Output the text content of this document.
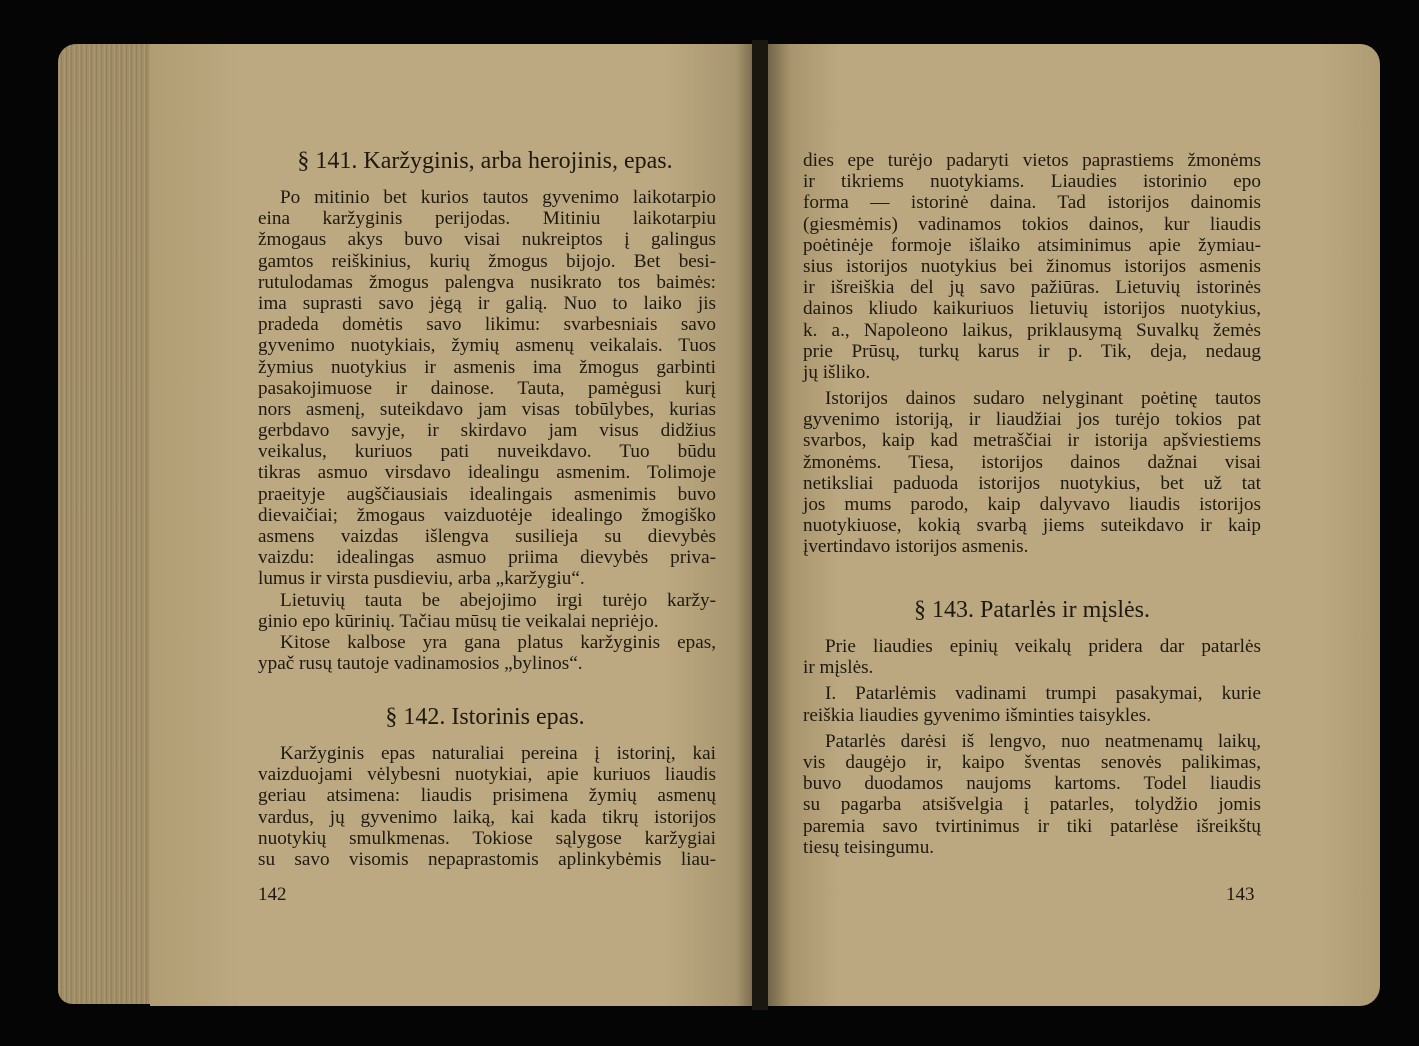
§ 141. Karžyginis, arba herojinis, epas.
Po mitinio bet kurios tautos gyvenimo laikotarpio
eina karžyginis perijodas. Mitiniu laikotarpiu
žmogaus akys buvo visai nukreiptos į galingus
gamtos reiškinius, kurių žmogus bijojo. Bet besi-
rutulodamas žmogus palengva nusikrato tos baimės:
ima suprasti savo jėgą ir galią. Nuo to laiko jis
pradeda domėtis savo likimu: svarbesniais savo
gyvenimo nuotykiais, žymių asmenų veikalais. Tuos
žymius nuotykius ir asmenis ima žmogus garbinti
pasakojimuose ir dainose. Tauta, pamėgusi kurį
nors asmenį, suteikdavo jam visas tobūlybes, kurias
gerbdavo savyje, ir skirdavo jam visus didžius
veikalus, kuriuos pati nuveikdavo. Tuo būdu
tikras asmuo virsdavo idealingu asmenim. Tolimoje
praeityje augščiausiais idealingais asmenimis buvo
dievaičiai; žmogaus vaizduotėje idealingo žmogiško
asmens vaizdas išlengva susilieja su dievybės
vaizdu: idealingas asmuo priima dievybės priva-
lumus ir virsta pusdieviu, arba „karžygiu“.
Lietuvių tauta be abejojimo irgi turėjo karžy-
ginio epo kūrinių. Tačiau mūsų tie veikalai nepriėjo.
Kitose kalbose yra gana platus karžyginis epas,
ypač rusų tautoje vadinamosios „bylinos“.
§ 142. Istorinis epas.
Karžyginis epas naturaliai pereina į istorinį, kai
vaizduojami vėlybesni nuotykiai, apie kuriuos liaudis
geriau atsimena: liaudis prisimena žymių asmenų
vardus, jų gyvenimo laiką, kai kada tikrų istorijos
nuotykių smulkmenas. Tokiose sąlygose karžygiai
su savo visomis nepaprastomis aplinkybėmis liau-
142
dies epe turėjo padaryti vietos paprastiems žmonėms
ir tikriems nuotykiams. Liaudies istorinio epo
forma — istorinė daina. Tad istorijos dainomis
(giesmėmis) vadinamos tokios dainos, kur liaudis
poėtinėje formoje išlaiko atsiminimus apie žymiau-
sius istorijos nuotykius bei žinomus istorijos asmenis
ir išreiškia del jų savo pažiūras. Lietuvių istorinės
dainos kliudo kaikuriuos lietuvių istorijos nuotykius,
k. a., Napoleono laikus, priklausymą Suvalkų žemės
prie Prūsų, turkų karus ir p. Tik, deja, nedaug
jų išliko.
Istorijos dainos sudaro nelyginant poėtinę tautos
gyvenimo istoriją, ir liaudžiai jos turėjo tokios pat
svarbos, kaip kad metraščiai ir istorija apšviestiems
žmonėms. Tiesa, istorijos dainos dažnai visai
netiksliai paduoda istorijos nuotykius, bet už tat
jos mums parodo, kaip dalyvavo liaudis istorijos
nuotykiuose, kokią svarbą jiems suteikdavo ir kaip
įvertindavo istorijos asmenis.
§ 143. Patarlės ir mįslės.
Prie liaudies epinių veikalų pridera dar patarlės
ir mįslės.
I. Patarlėmis vadinami trumpi pasakymai, kurie
reiškia liaudies gyvenimo išminties taisykles.
Patarlės darėsi iš lengvo, nuo neatmenamų laikų,
vis daugėjo ir, kaipo šventas senovės palikimas,
buvo duodamos naujoms kartoms. Todel liaudis
su pagarba atsišvelgia į patarles, tolydžio jomis
paremia savo tvirtinimus ir tiki patarlėse išreikštų
tiesų teisingumu.
143
